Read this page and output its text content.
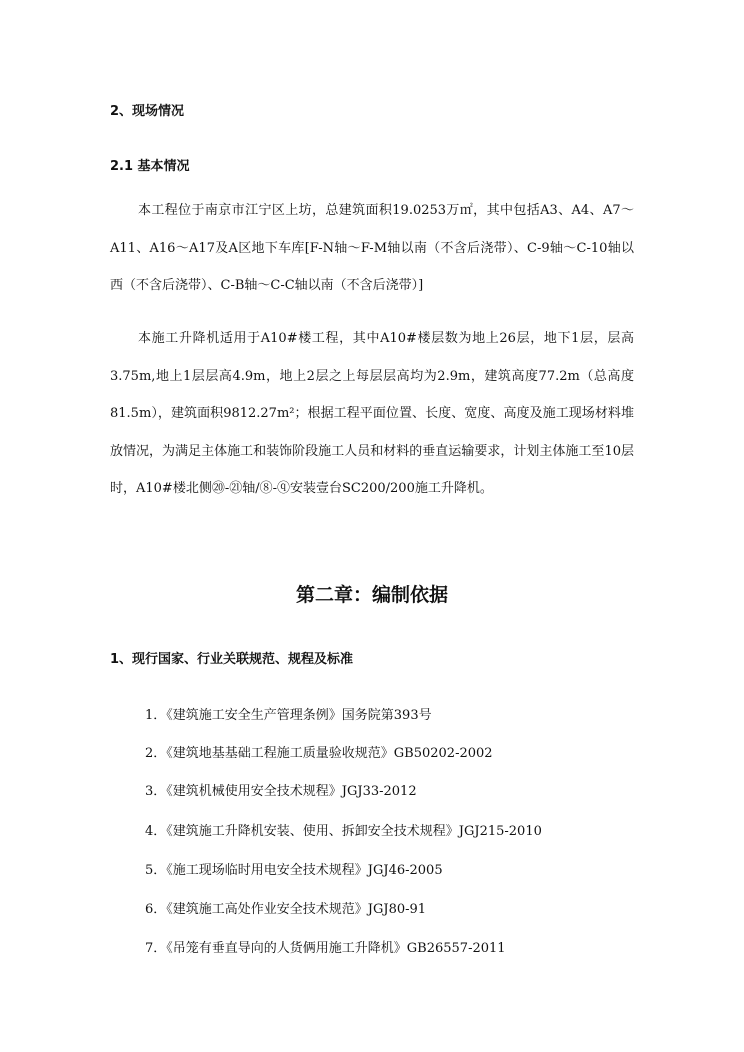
2、现场情况
2.1 基本情况
本工程位于南京市江宁区上坊，总建筑面积19.0253万㎡，其中包括A3、A4、A7～A11、A16～A17及A区地下车库[F-N轴～F-M轴以南（不含后浇带）、C-9轴～C-10轴以西（不含后浇带）、C-B轴～C-C轴以南（不含后浇带）]
本施工升降机适用于A10#楼工程，其中A10#楼层数为地上26层，地下1层，层高3.75m,地上1层层高4.9m，地上2层之上每层层高均为2.9m，建筑高度77.2m（总高度81.5m），建筑面积9812.27m²；根据工程平面位置、长度、宽度、高度及施工现场材料堆放情况，为满足主体施工和装饰阶段施工人员和材料的垂直运输要求，计划主体施工至10层时，A10#楼北侧⑳-㉑轴/⑧-ⓠ安装壹台SC200/200施工升降机。
第二章：编制依据
1、现行国家、行业关联规范、规程及标准
1．《建筑施工安全生产管理条例》国务院第393号
2．《建筑地基基础工程施工质量验收规范》GB50202-2002
3．《建筑机械使用安全技术规程》JGJ33-2012
4．《建筑施工升降机安装、使用、拆卸安全技术规程》JGJ215-2010
5．《施工现场临时用电安全技术规程》JGJ46-2005
6．《建筑施工高处作业安全技术规范》JGJ80-91
7．《吊笼有垂直导向的人货俩用施工升降机》GB26557-2011
